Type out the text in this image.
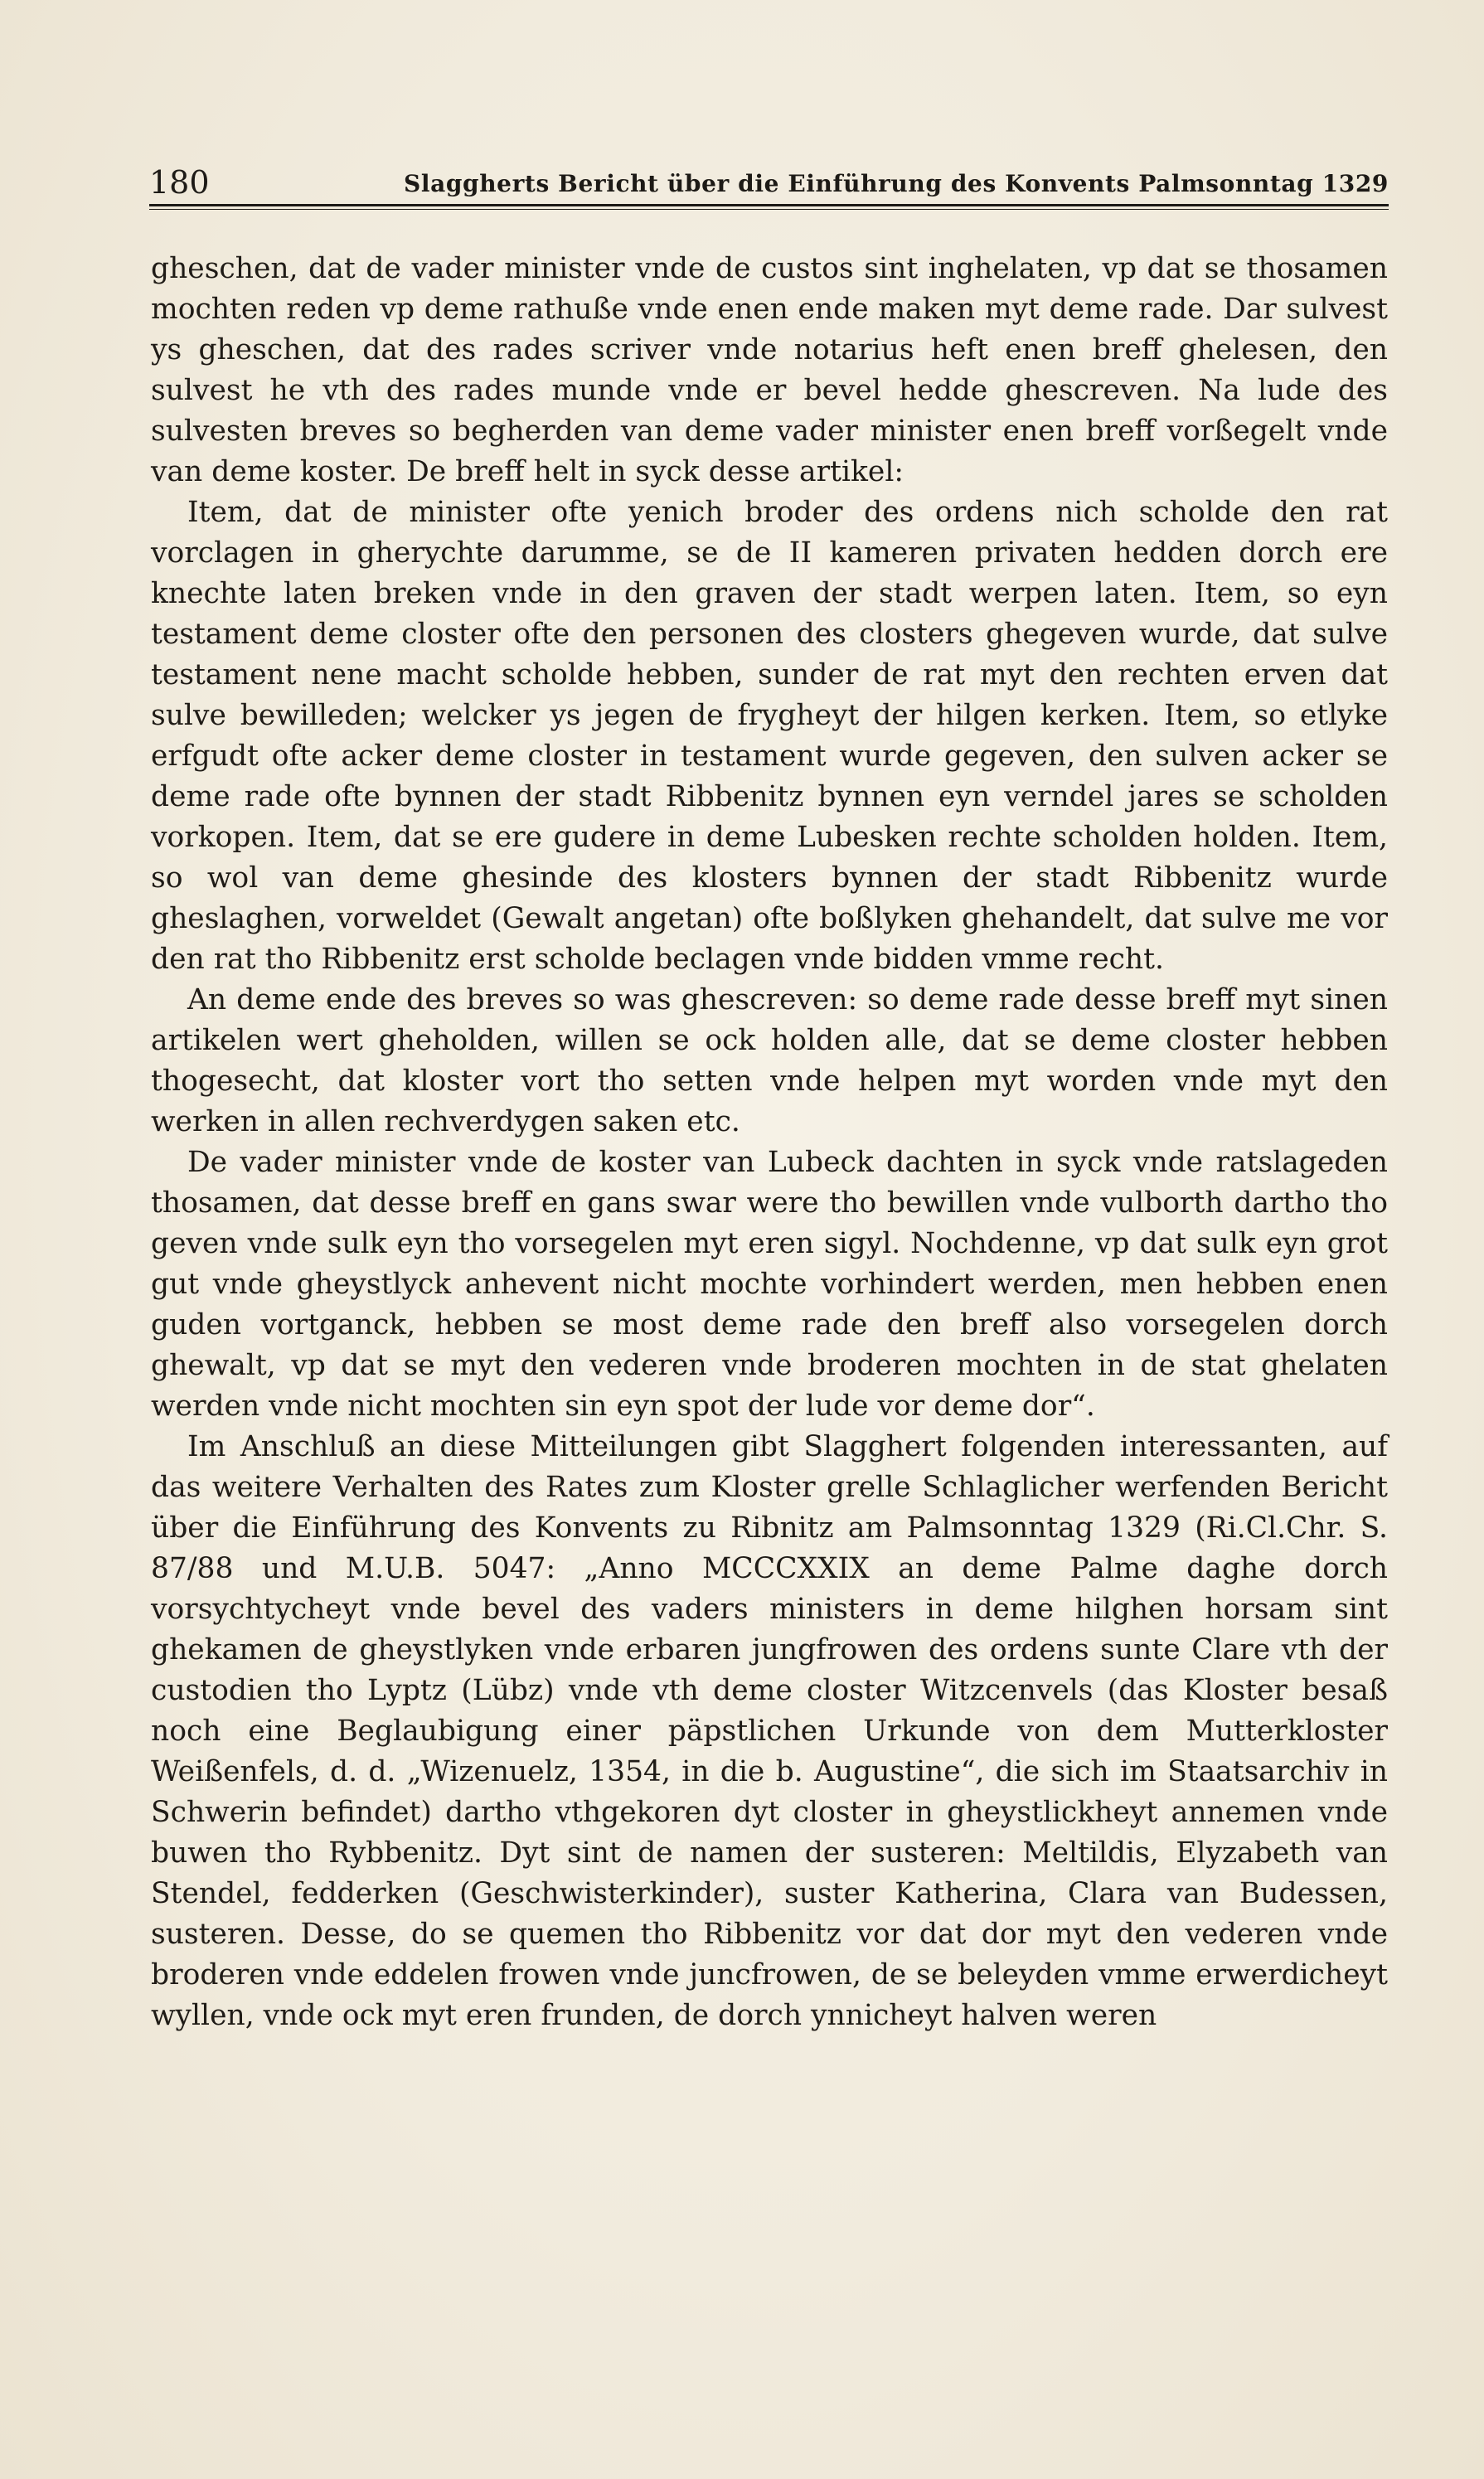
180	Slaggherts Bericht über die Einführung des Konvents Palmsonntag 1329

gheschen, dat de vader minister vnde de custos sint inghelaten, vp dat se thosamen mochten reden vp deme rathuße vnde enen ende maken myt deme rade. Dar sulvest ys gheschen, dat des rades scriver vnde notarius heft enen breff ghelesen, den sulvest he vth des rades munde vnde er bevel hedde ghescreven. Na lude des sulvesten breves so begherden van deme vader minister enen breff vorßegelt vnde van deme koster. De breff helt in syck desse artikel:

Item, dat de minister ofte yenich broder des ordens nich scholde den rat vorclagen in gherychte darumme, se de II kameren privaten hedden dorch ere knechte laten breken vnde in den graven der stadt werpen laten. Item, so eyn testament deme closter ofte den personen des closters ghegeven wurde, dat sulve testament nene macht scholde hebben, sunder de rat myt den rechten erven dat sulve bewilleden; welcker ys jegen de frygheyt der hilgen kerken. Item, so etlyke erfgudt ofte acker deme closter in testament wurde gegeven, den sulven acker se deme rade ofte bynnen der stadt Ribbenitz bynnen eyn verndel jares se scholden vorkopen. Item, dat se ere gudere in deme Lubesken rechte scholden holden. Item, so wol van deme ghesinde des klosters bynnen der stadt Ribbenitz wurde gheslaghen, vorweldet (Gewalt angetan) ofte boßlyken ghehandelt, dat sulve me vor den rat tho Ribbenitz erst scholde beclagen vnde bidden vmme recht.

An deme ende des breves so was ghescreven: so deme rade desse breff myt sinen artikelen wert gheholden, willen se ock holden alle, dat se deme closter hebben thogesecht, dat kloster vort tho setten vnde helpen myt worden vnde myt den werken in allen rechverdygen saken etc.

De vader minister vnde de koster van Lubeck dachten in syck vnde ratslageden thosamen, dat desse breff en gans swar were tho bewillen vnde vulborth dartho tho geven vnde sulk eyn tho vorsegelen myt eren sigyl. Nochdenne, vp dat sulk eyn grot gut vnde gheystlyck anhevent nicht mochte vorhindert werden, men hebben enen guden vortganck, hebben se most deme rade den breff also vorsegelen dorch ghewalt, vp dat se myt den vederen vnde broderen mochten in de stat ghelaten werden vnde nicht mochten sin eyn spot der lude vor deme dor“.

Im Anschluß an diese Mitteilungen gibt Slagghert folgenden interessanten, auf das weitere Verhalten des Rates zum Kloster grelle Schlaglicher werfenden Bericht über die Einführung des Konvents zu Ribnitz am Palmsonntag 1329 (Ri.Cl.Chr. S. 87/88 und M.U.B. 5047: „Anno MCCCXXIX an deme Palme daghe dorch vorsychtycheyt vnde bevel des vaders ministers in deme hilghen horsam sint ghekamen de gheystlyken vnde erbaren jungfrowen des ordens sunte Clare vth der custodien tho Lyptz (Lübz) vnde vth deme closter Witzcenvels (das Kloster besaß noch eine Beglaubigung einer päpstlichen Urkunde von dem Mutterkloster Weißenfels, d. d. „Wizenuelz, 1354, in die b. Augustine“, die sich im Staatsarchiv in Schwerin befindet) dartho vthgekoren dyt closter in gheystlickheyt annemen vnde buwen tho Rybbenitz. Dyt sint de namen der susteren: Meltildis, Elyzabeth van Stendel, fedderken (Geschwisterkinder), suster Katherina, Clara van Budessen, susteren. Desse, do se quemen tho Ribbenitz vor dat dor myt den vederen vnde broderen vnde eddelen frowen vnde juncfrowen, de se beleyden vmme erwerdicheyt wyllen, vnde ock myt eren frunden, de dorch ynnicheyt halven weren
